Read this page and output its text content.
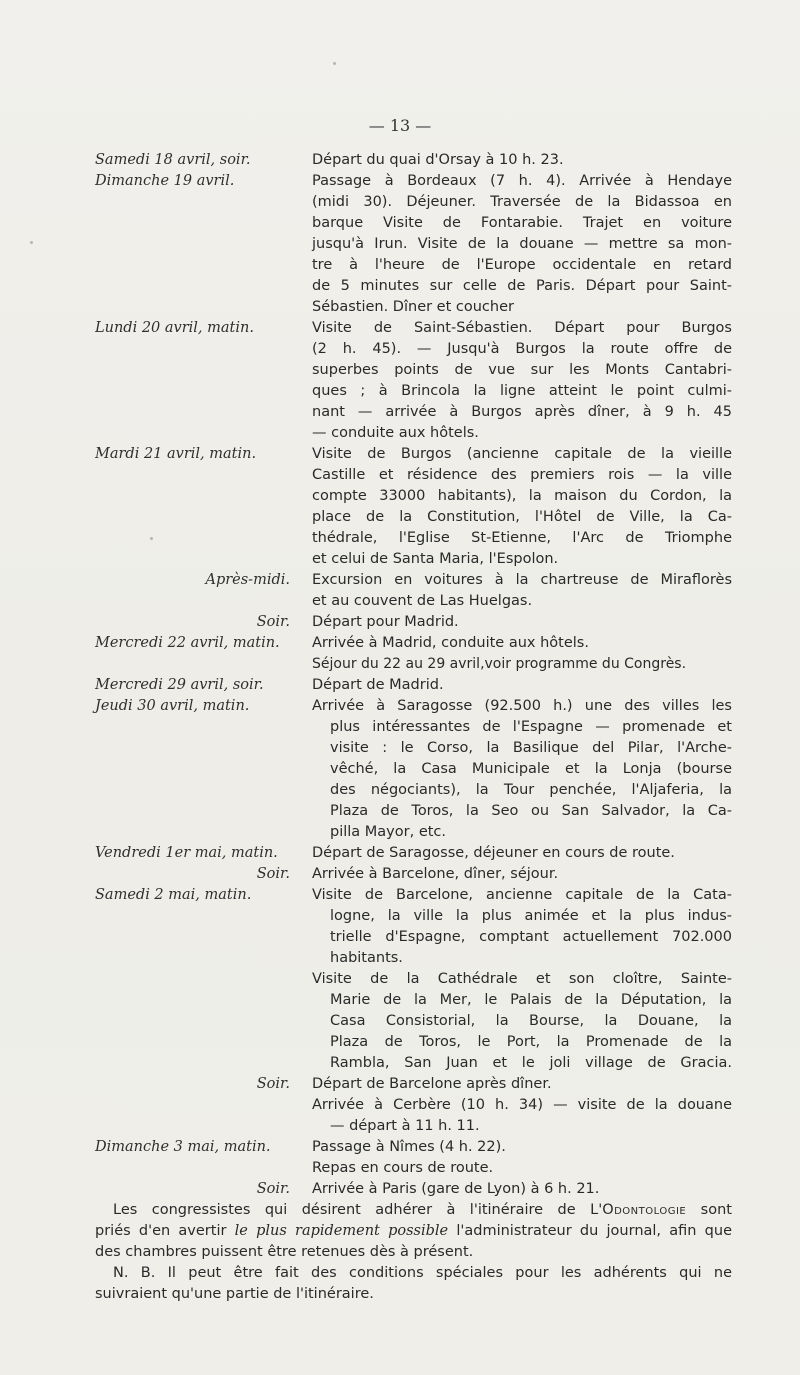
— 13 —
Samedi 18 avril, soir.	Départ du quai d'Orsay à 10 h. 23.
Dimanche 19 avril.	Passage à Bordeaux (7 h. 4). Arrivée à Hendaye
(midi 30). Déjeuner. Traversée de la Bidassoa en
barque Visite de Fontarabie. Trajet en voiture
jusqu'à Irun. Visite de la douane — mettre sa mon-
tre à l'heure de l'Europe occidentale en retard
de 5 minutes sur celle de Paris. Départ pour Saint-
Sébastien. Dîner et coucher
Lundi 20 avril, matin.	Visite de Saint-Sébastien. Départ pour Burgos
(2 h. 45). — Jusqu'à Burgos la route offre de
superbes points de vue sur les Monts Cantabri-
ques ; à Brincola la ligne atteint le point culmi-
nant — arrivée à Burgos après dîner, à 9 h. 45
— conduite aux hôtels.
Mardi 21 avril, matin.	Visite de Burgos (ancienne capitale de la vieille
Castille et résidence des premiers rois — la ville
compte 33000 habitants), la maison du Cordon, la
place de la Constitution, l'Hôtel de Ville, la Ca-
thédrale, l'Eglise St-Etienne, l'Arc de Triomphe
et celui de Santa Maria, l'Espolon.
Après-midi. Excursion en voitures à la chartreuse de Miraflorès
et au couvent de Las Huelgas.
Soir. Départ pour Madrid.
Mercredi 22 avril, matin.	Arrivée à Madrid, conduite aux hôtels.
Séjour du 22 au 29 avril,voir programme du Congrès.
Mercredi 29 avril, soir.	Départ de Madrid.
Jeudi 30 avril, matin.	Arrivée à Saragosse (92.500 h.) une des villes les
plus intéressantes de l'Espagne — promenade et
visite : le Corso, la Basilique del Pilar, l'Arche-
vêché, la Casa Municipale et la Lonja (bourse
des négociants), la Tour penchée, l'Aljaferia, la
Plaza de Toros, la Seo ou San Salvador, la Ca-
pilla Mayor, etc.
Vendredi 1er mai, matin.	Départ de Saragosse, déjeuner en cours de route.
Soir. Arrivée à Barcelone, dîner, séjour.
Samedi 2 mai, matin.	Visite de Barcelone, ancienne capitale de la Cata-
logne, la ville la plus animée et la plus indus-
trielle d'Espagne, comptant actuellement 702.000
habitants.
Visite de la Cathédrale et son cloître, Sainte-
Marie de la Mer, le Palais de la Députation, la
Casa Consistorial, la Bourse, la Douane, la
Plaza de Toros, le Port, la Promenade de la
Rambla, San Juan et le joli village de Gracia.
Soir. Départ de Barcelone après dîner.
Arrivée à Cerbère (10 h. 34) — visite de la douane
— départ à 11 h. 11.
Dimanche 3 mai, matin.	Passage à Nîmes (4 h. 22).
Repas en cours de route.
Soir. Arrivée à Paris (gare de Lyon) à 6 h. 21.
Les congressistes qui désirent adhérer à l'itinéraire de L'Odontologie sont
priés d'en avertir le plus rapidement possible l'administrateur du journal, afin que
des chambres puissent être retenues dès à présent.
N. B. Il peut être fait des conditions spéciales pour les adhérents qui ne
suivraient qu'une partie de l'itinéraire.
